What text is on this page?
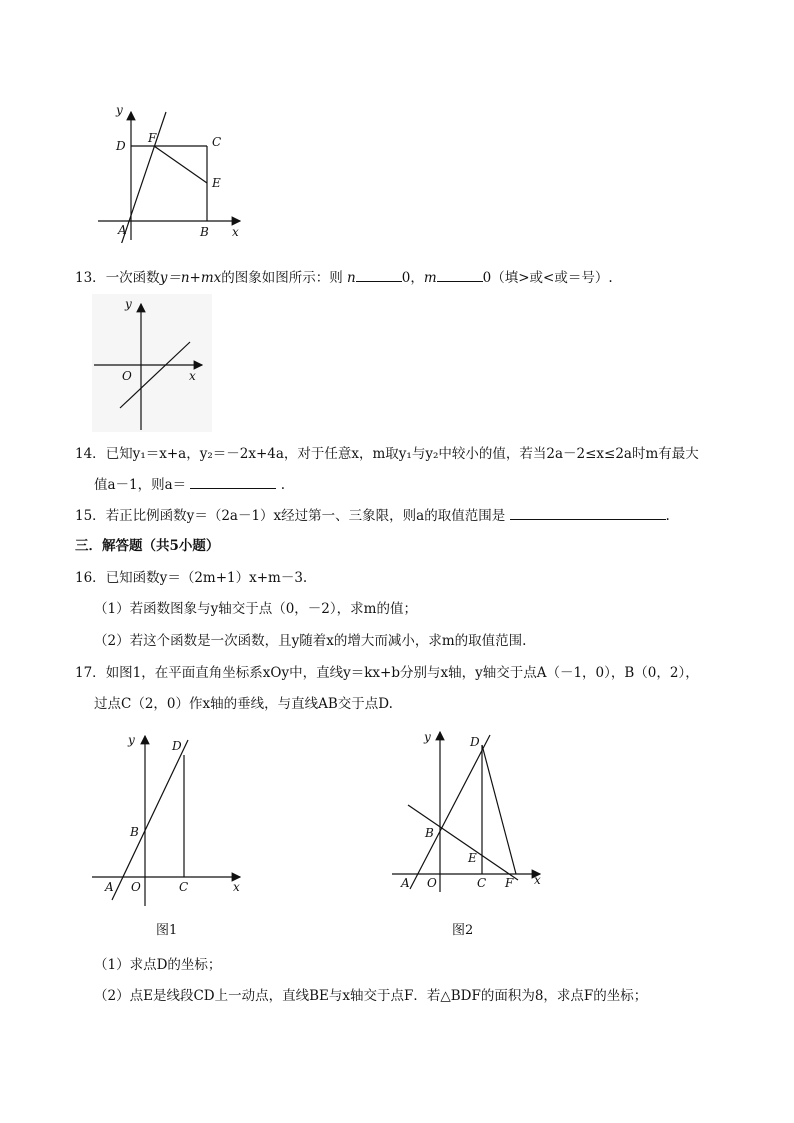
y
D
F	C
E
A	B x
13．一次函数y＝n+mx的图象如图所示：则 n	0，m	0（填>或<或＝号）.
y
O	x
14．已知y₁＝x+a，y₂＝－2x+4a，对于任意x，m取y₁与y₂中较小的值，若当2a－2≤x≤2a时m有最大
值a－1，则a＝	.
15．若正比例函数y＝（2a－1）x经过第一、三象限，则a的取值范围是	.
三．解答题（共5小题）
16．已知函数y＝（2m+1）x+m－3.
（1）若函数图象与y轴交于点（0，－2），求m的值；
（2）若这个函数是一次函数，且y随着x的增大而减小，求m的取值范围.
17．如图1，在平面直角坐标系xOy中，直线y＝kx+b分别与x轴，y轴交于点A（－1，0），B（0，2），
过点C（2，0）作x轴的垂线，与直线AB交于点D.
y	D
B
A O	C	x
图1
y	D
B
E
A O	C F x
图2
（1）求点D的坐标；
（2）点E是线段CD上一动点，直线BE与x轴交于点F．若△BDF的面积为8，求点F的坐标；
